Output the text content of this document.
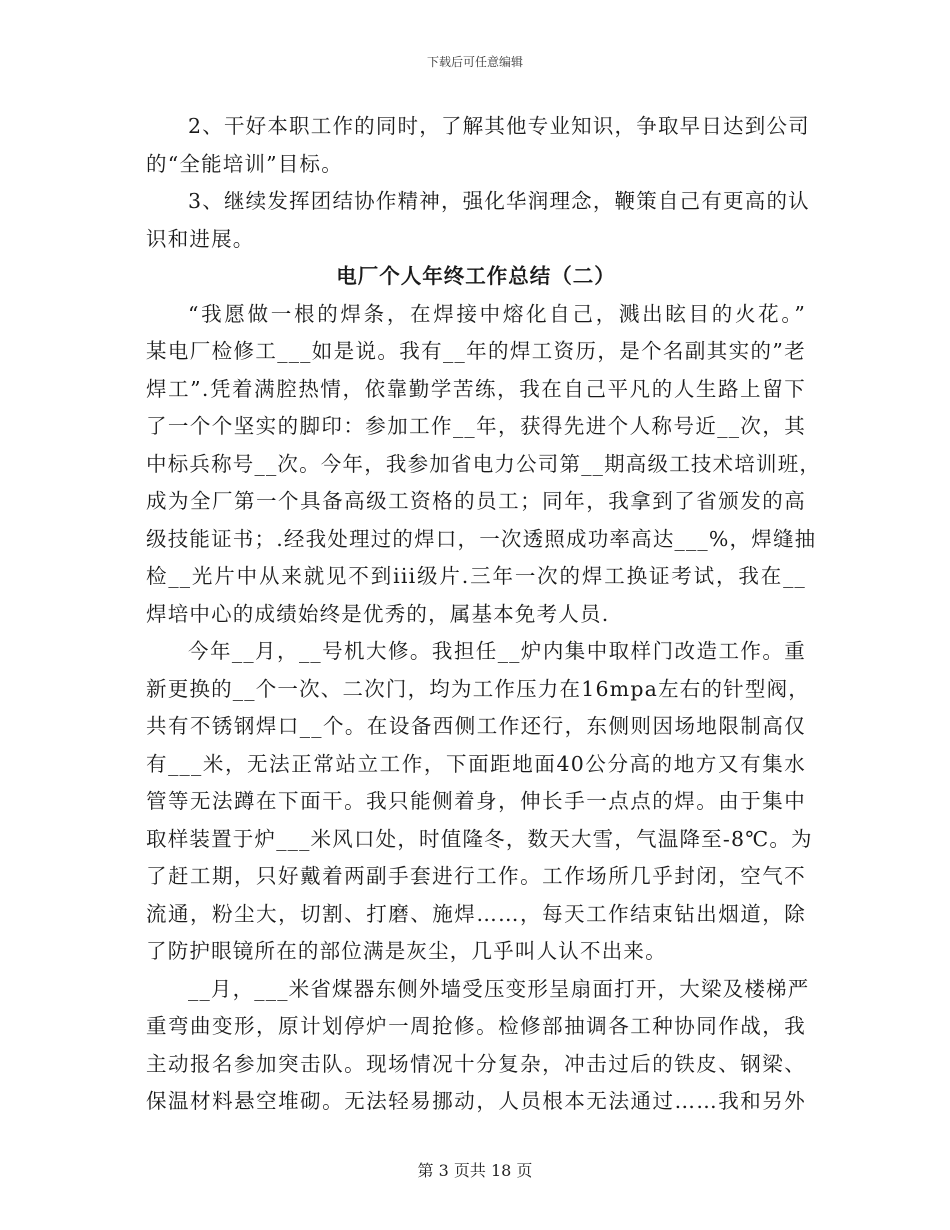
下载后可任意编辑
2、干好本职工作的同时，了解其他专业知识，争取早日达到公司
的“全能培训”目标。
3、继续发挥团结协作精神，强化华润理念，鞭策自己有更高的认
识和进展。
电厂个人年终工作总结（二）
“我愿做一根的焊条，在焊接中熔化自己，溅出眩目的火花。”
某电厂检修工___如是说。我有__年的焊工资历，是个名副其实的”老
焊工”.凭着满腔热情，依靠勤学苦练，我在自己平凡的人生路上留下
了一个个坚实的脚印：参加工作__年，获得先进个人称号近__次，其
中标兵称号__次。今年，我参加省电力公司第__期高级工技术培训班，
成为全厂第一个具备高级工资格的员工；同年，我拿到了省颁发的高
级技能证书；.经我处理过的焊口，一次透照成功率高达___%，焊缝抽
检__光片中从来就见不到iii级片.三年一次的焊工换证考试，我在__
焊培中心的成绩始终是优秀的，属基本免考人员.
今年__月，__号机大修。我担任__炉内集中取样门改造工作。重
新更换的__个一次、二次门，均为工作压力在16mpa左右的针型阀，
共有不锈钢焊口__个。在设备西侧工作还行，东侧则因场地限制高仅
有___米，无法正常站立工作，下面距地面40公分高的地方又有集水
管等无法蹲在下面干。我只能侧着身，伸长手一点点的焊。由于集中
取样装置于炉___米风口处，时值隆冬，数天大雪，气温降至-8℃。为
了赶工期，只好戴着两副手套进行工作。工作场所几乎封闭，空气不
流通，粉尘大，切割、打磨、施焊……，每天工作结束钻出烟道，除
了防护眼镜所在的部位满是灰尘，几乎叫人认不出来。
__月，___米省煤器东侧外墙受压变形呈扇面打开，大梁及楼梯严
重弯曲变形，原计划停炉一周抢修。检修部抽调各工种协同作战，我
主动报名参加突击队。现场情况十分复杂，冲击过后的铁皮、钢梁、
保温材料悬空堆砌。无法轻易挪动，人员根本无法通过……我和另外
第 3 页共 18 页
